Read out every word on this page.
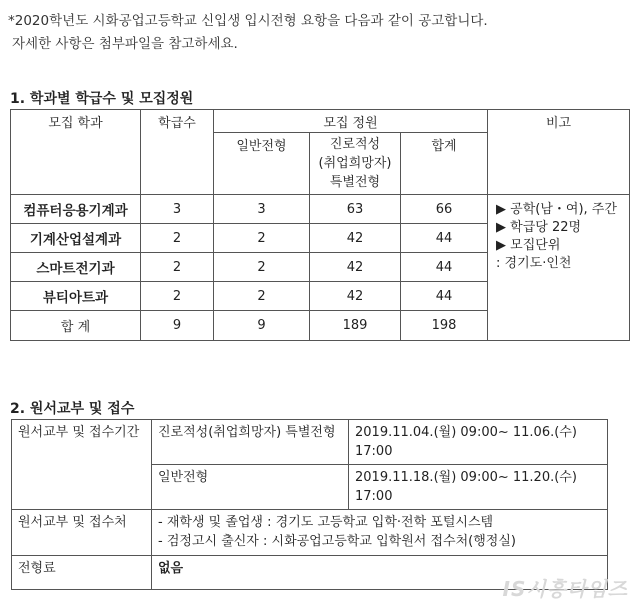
*2020학년도 시화공업고등학교 신입생 입시전형 요항을 다음과 같이 공고합니다.
자세한 사항은 첨부파일을 참고하세요.
1. 학과별 학급수 및 모집정원
모집 학과	학급수	모집 정원			비고
		일반전형	진로적성
(취업희망자)
특별전형	합계	
컴퓨터응용기계과	3	3	63	66	▶ 공학(남・여), 주간
▶ 학급당 22명
▶ 모집단위
: 경기도·인천

기계산업설계과	2	2	42	44	
스마트전기과	2	2	42	44	
뷰티아트과	2	2	42	44	
합 계	9	9	189	198	
2. 원서교부 및 접수
원서교부 및 접수기간	진로적성(취업희망자) 특별전형	2019.11.04.(월) 09:00~ 11.06.(수) 17:00
	일반전형	2019.11.18.(월) 09:00~ 11.20.(수) 17:00
원서교부 및 접수처	- 재학생 및 졸업생 : 경기도 고등학교 입학·전학 포털시스템
- 검정고시 출신자 : 시화공업고등학교 입학원서 접수처(행정실)	

전형료	없음	
IS시흥타임즈
